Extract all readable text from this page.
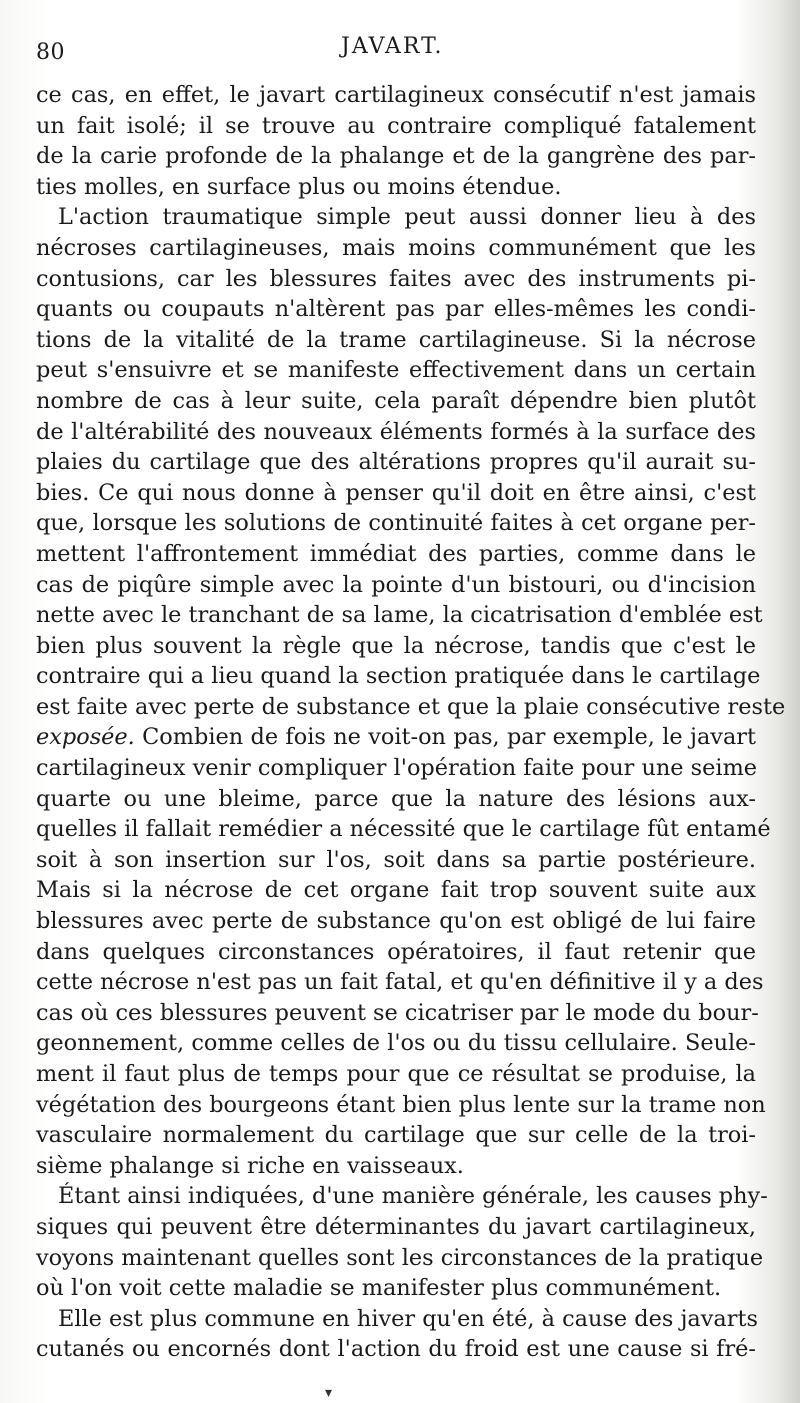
80	JAVART.
ce cas, en effet, le javart cartilagineux consécutif n'est jamais
un fait isolé; il se trouve au contraire compliqué fatalement
de la carie profonde de la phalange et de la gangrène des par-
ties molles, en surface plus ou moins étendue.
L'action traumatique simple peut aussi donner lieu à des
nécroses cartilagineuses, mais moins communément que les
contusions, car les blessures faites avec des instruments pi-
quants ou coupauts n'altèrent pas par elles-mêmes les condi-
tions de la vitalité de la trame cartilagineuse. Si la nécrose
peut s'ensuivre et se manifeste effectivement dans un certain
nombre de cas à leur suite, cela paraît dépendre bien plutôt
de l'altérabilité des nouveaux éléments formés à la surface des
plaies du cartilage que des altérations propres qu'il aurait su-
bies. Ce qui nous donne à penser qu'il doit en être ainsi, c'est
que, lorsque les solutions de continuité faites à cet organe per-
mettent l'affrontement immédiat des parties, comme dans le
cas de piqûre simple avec la pointe d'un bistouri, ou d'incision
nette avec le tranchant de sa lame, la cicatrisation d'emblée est
bien plus souvent la règle que la nécrose, tandis que c'est le
contraire qui a lieu quand la section pratiquée dans le cartilage
est faite avec perte de substance et que la plaie consécutive reste
exposée. Combien de fois ne voit-on pas, par exemple, le javart
cartilagineux venir compliquer l'opération faite pour une seime
quarte ou une bleime, parce que la nature des lésions aux-
quelles il fallait remédier a nécessité que le cartilage fût entamé
soit à son insertion sur l'os, soit dans sa partie postérieure.
Mais si la nécrose de cet organe fait trop souvent suite aux
blessures avec perte de substance qu'on est obligé de lui faire
dans quelques circonstances opératoires, il faut retenir que
cette nécrose n'est pas un fait fatal, et qu'en définitive il y a des
cas où ces blessures peuvent se cicatriser par le mode du bour-
geonnement, comme celles de l'os ou du tissu cellulaire. Seule-
ment il faut plus de temps pour que ce résultat se produise, la
végétation des bourgeons étant bien plus lente sur la trame non
vasculaire normalement du cartilage que sur celle de la troi-
sième phalange si riche en vaisseaux.
Étant ainsi indiquées, d'une manière générale, les causes phy-
siques qui peuvent être déterminantes du javart cartilagineux,
voyons maintenant quelles sont les circonstances de la pratique
où l'on voit cette maladie se manifester plus communément.
Elle est plus commune en hiver qu'en été, à cause des javarts
cutanés ou encornés dont l'action du froid est une cause si fré-
▾
